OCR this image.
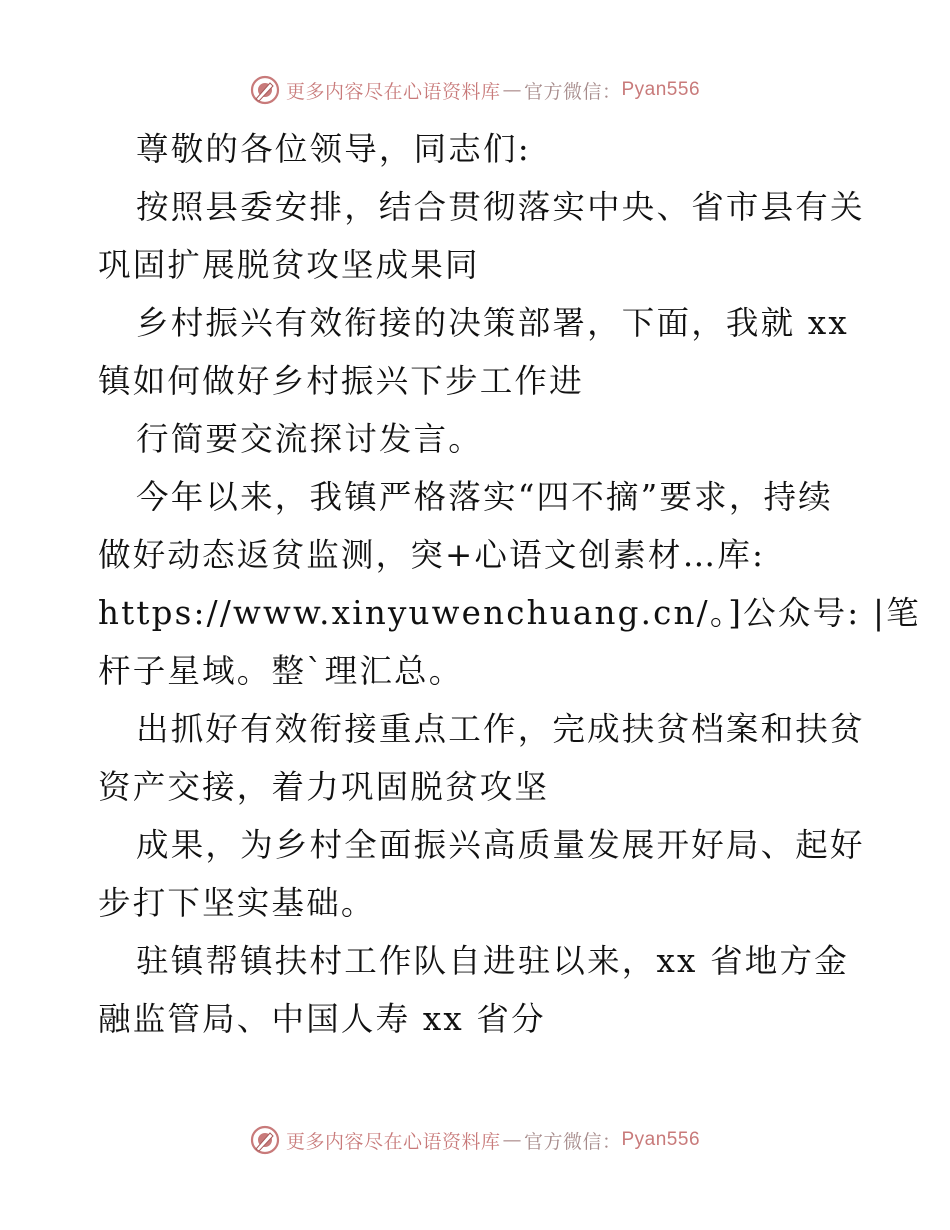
更多内容尽在心语资料库 — 官方微信： Pyan556
尊敬的各位领导，同志们:
按照县委安排，结合贯彻落实中央、省市县有关
巩固扩展脱贫攻坚成果同
乡村振兴有效衔接的决策部署，下面，我就 xx
镇如何做好乡村振兴下步工作进
行简要交流探讨发言。
今年以来，我镇严格落实“四不摘”要求，持续
做好动态返贫监测，突+心语文创素材…库:
https://www.xinyuwenchuang.cn/。]公众号: |笔
杆子星域。整`理汇总。
出抓好有效衔接重点工作，完成扶贫档案和扶贫
资产交接，着力巩固脱贫攻坚
成果，为乡村全面振兴高质量发展开好局、起好
步打下坚实基础。
驻镇帮镇扶村工作队自进驻以来，xx 省地方金
融监管局、中国人寿 xx 省分
更多内容尽在心语资料库 — 官方微信： Pyan556
